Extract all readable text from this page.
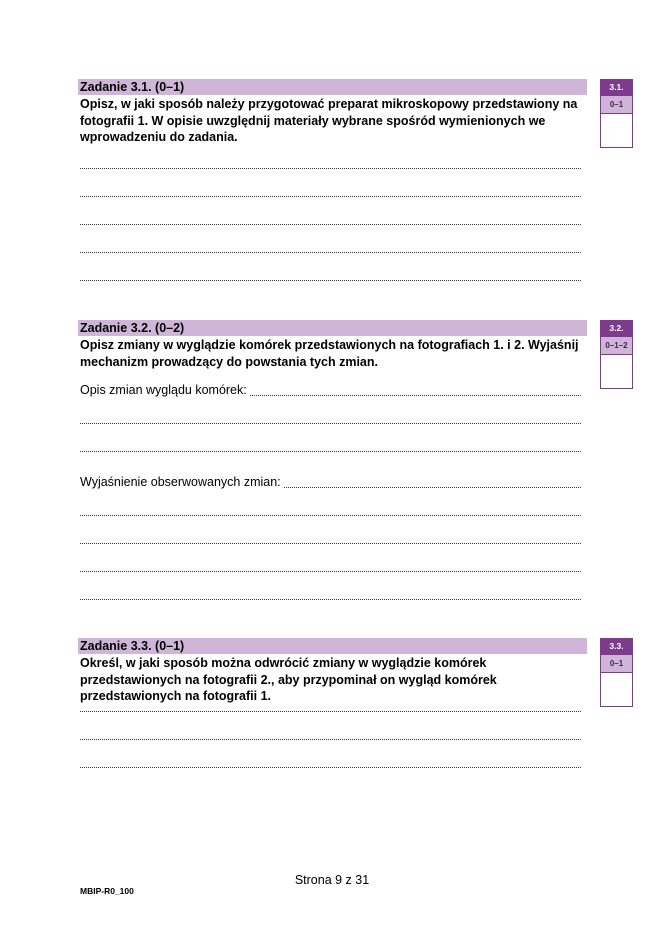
Zadanie 3.1. (0–1)
Opisz, w jaki sposób należy przygotować preparat mikroskopowy przedstawiony na fotografii 1. W opisie uwzględnij materiały wybrane spośród wymienionych we wprowadzeniu do zadania.
3.1.
0–1
Zadanie 3.2. (0–2)
Opisz zmiany w wyglądzie komórek przedstawionych na fotografiach 1. i 2. Wyjaśnij mechanizm prowadzący do powstania tych zmian.
Opis zmian wyglądu komórek:
Wyjaśnienie obserwowanych zmian:
3.2.
0–1–2
Zadanie 3.3. (0–1)
Określ, w jaki sposób można odwrócić zmiany w wyglądzie komórek przedstawionych na fotografii 2., aby przypominał on wygląd komórek przedstawionych na fotografii 1.
3.3.
0–1
Strona 9 z 31
MBIP-R0_100
